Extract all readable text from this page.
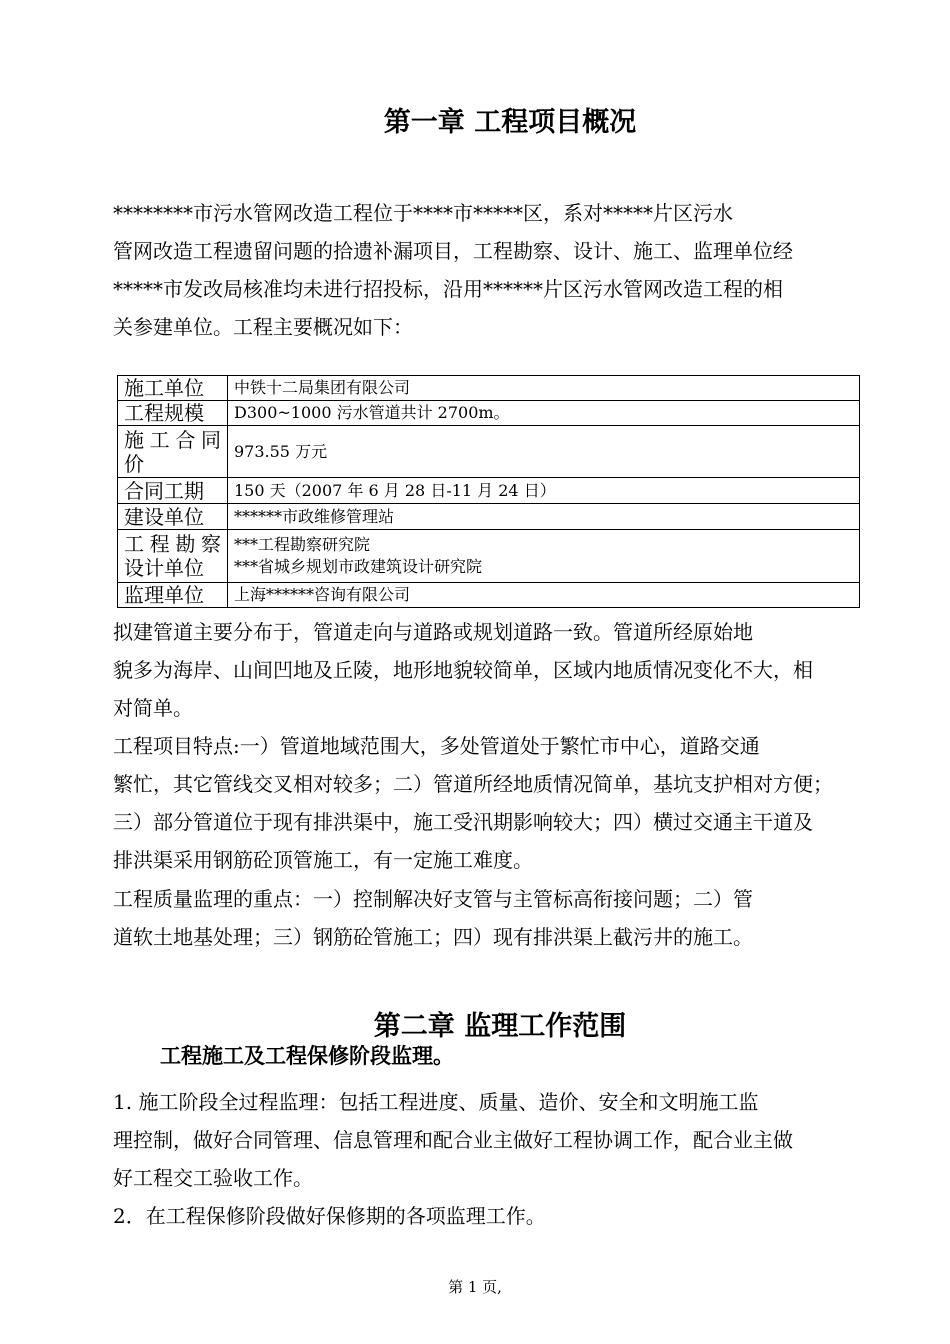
第一章 工程项目概况

********市污水管网改造工程位于****市*****区，系对*****片区污水
管网改造工程遗留问题的拾遗补漏项目，工程勘察、设计、施工、监理单位经
*****市发改局核准均未进行招投标，沿用******片区污水管网改造工程的相
关参建单位。工程主要概况如下：

施工单位	中铁十二局集团有限公司
工程规模	D300~1000 污水管道共计 2700m。
施工合同价	973.55 万元
合同工期	150 天（2007 年 6 月 28 日-11 月 24 日）
建设单位	******市政维修管理站
工程勘察设计单位	***工程勘察研究院
***省城乡规划市政建筑设计研究院

监理单位	上海******咨询有限公司

拟建管道主要分布于，管道走向与道路或规划道路一致。管道所经原始地
貌多为海岸、山间凹地及丘陵，地形地貌较简单，区域内地质情况变化不大，相
对简单。

工程项目特点:一）管道地域范围大，多处管道处于繁忙市中心，道路交通
繁忙，其它管线交叉相对较多；二）管道所经地质情况简单，基坑支护相对方便；
三）部分管道位于现有排洪渠中，施工受汛期影响较大；四）横过交通主干道及
排洪渠采用钢筋砼顶管施工，有一定施工难度。

工程质量监理的重点：一）控制解决好支管与主管标高衔接问题；二）管
道软土地基处理；三）钢筋砼管施工；四）现有排洪渠上截污井的施工。

第二章 监理工作范围
工程施工及工程保修阶段监理。

1. 施工阶段全过程监理：包括工程进度、质量、造价、安全和文明施工监
理控制，做好合同管理、信息管理和配合业主做好工程协调工作，配合业主做
好工程交工验收工作。

2．在工程保修阶段做好保修期的各项监理工作。

第 1 页,
